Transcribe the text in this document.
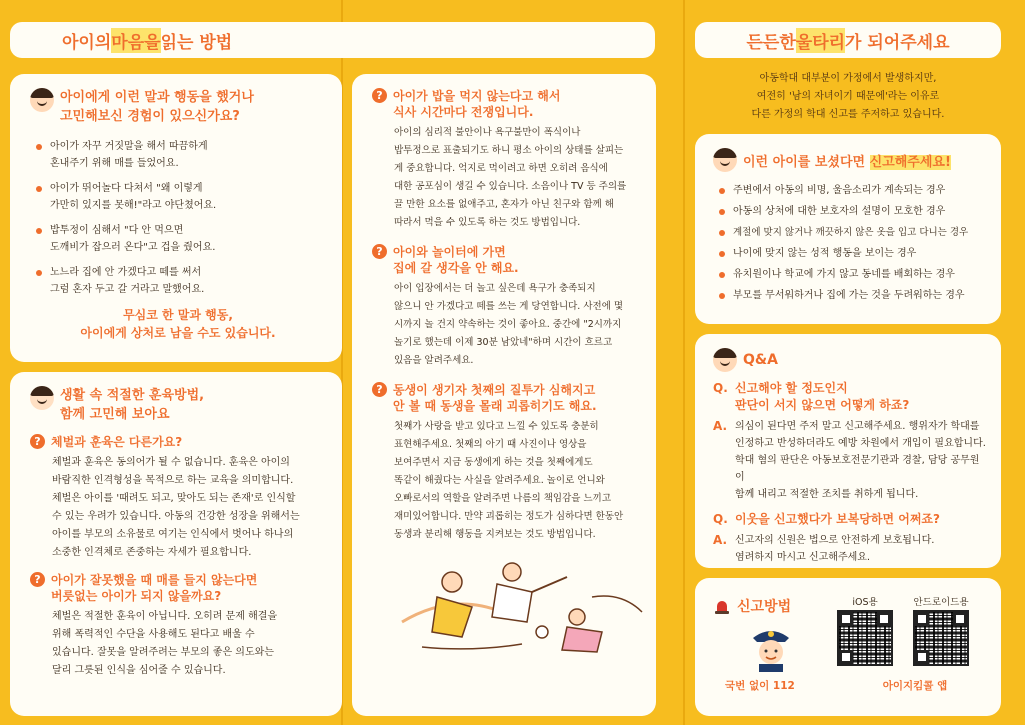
아이의 마음을 읽는 방법
아이에게 이런 말과 행동을 했거나
고민해보신 경험이 있으신가요?
아이가 자꾸 거짓말을 해서 따끔하게
혼내주기 위해 매를 들었어요.
아이가 뛰어놀다 다쳐서 "왜 이렇게
가만히 있지를 못해!"라고 야단쳤어요.
밥투정이 심해서 "다 안 먹으면
도깨비가 잡으러 온다"고 겁을 줬어요.
노느라 집에 안 가겠다고 떼를 써서
그럼 혼자 두고 갈 거라고 말했어요.
무심코 한 말과 행동,
아이에게 상처로 남을 수도 있습니다.
생활 속 적절한 훈육방법,
함께 고민해 보아요
? 체벌과 훈육은 다른가요?
체벌과 훈육은 동의어가 될 수 없습니다. 훈육은 아이의
바람직한 인격형성을 목적으로 하는 교육을 의미합니다.
체벌은 아이를 '때려도 되고, 맞아도 되는 존재'로 인식할
수 있는 우려가 있습니다. 아동의 건강한 성장을 위해서는
아이를 부모의 소유물로 여기는 인식에서 벗어나 하나의
소중한 인격체로 존중하는 자세가 필요합니다.
? 아이가 잘못했을 때 매를 들지 않는다면
버릇없는 아이가 되지 않을까요?
체벌은 적절한 훈육이 아닙니다. 오히려 문제 해결을
위해 폭력적인 수단을 사용해도 된다고 배울 수
있습니다. 잘못을 알려주려는 부모의 좋은 의도와는
달리 그릇된 인식을 심어줄 수 있습니다.
? 아이가 밥을 먹지 않는다고 해서
식사 시간마다 전쟁입니다.
아이의 심리적 불안이나 욕구불만이 폭식이나
밥투정으로 표출되기도 하니 평소 아이의 상태를 살피는
게 중요합니다. 억지로 먹이려고 하면 오히려 음식에
대한 공포심이 생길 수 있습니다. 소음이나 TV 등 주의를
끌 만한 요소를 없애주고, 혼자가 아닌 친구와 함께 해
따라서 먹을 수 있도록 하는 것도 방법입니다.
? 아이와 놀이터에 가면
집에 갈 생각을 안 해요.
아이 입장에서는 더 놀고 싶은데 욕구가 충족되지
않으니 안 가겠다고 떼를 쓰는 게 당연합니다. 사전에 몇
시까지 놀 건지 약속하는 것이 좋아요. 중간에 "2시까지
놀기로 했는데 이제 30분 남았네"하며 시간이 흐르고
있음을 알려주세요.
? 동생이 생기자 첫째의 질투가 심해지고
안 볼 때 동생을 몰래 괴롭히기도 해요.
첫째가 사랑을 받고 있다고 느낄 수 있도록 충분히
표현해주세요. 첫째의 아기 때 사진이나 영상을
보여주면서 지금 동생에게 하는 것을 첫째에게도
똑같이 해줬다는 사실을 알려주세요. 놀이로 언니와
오빠로서의 역할을 알려주면 나름의 책임감을 느끼고
재미있어합니다. 만약 괴롭히는 정도가 심하다면 한동안
동생과 분리해 행동을 지켜보는 것도 방법입니다.
든든한 울타리 가 되어주세요
아동학대 대부분이 가정에서 발생하지만,
여전히 '남의 자녀이기 때문에'라는 이유로
다른 가정의 학대 신고를 주저하고 있습니다.
이런 아이를 보셨다면 신고해주세요!
주변에서 아동의 비명, 울음소리가 계속되는 경우
아동의 상처에 대한 보호자의 설명이 모호한 경우
계절에 맞지 않거나 깨끗하지 않은 옷을 입고 다니는 경우
나이에 맞지 않는 성적 행동을 보이는 경우
유치원이나 학교에 가지 않고 동네를 배회하는 경우
부모를 무서워하거나 집에 가는 것을 두려워하는 경우
Q&A
Q. 신고해야 할 정도인지
판단이 서지 않으면 어떻게 하죠?
A. 의심이 된다면 주저 말고 신고해주세요. 행위자가 학대를
인정하고 반성하더라도 예방 차원에서 개입이 필요합니다.
학대 혐의 판단은 아동보호전문기관과 경찰, 담당 공무원이
함께 내리고 적절한 조치를 취하게 됩니다.
Q. 이웃을 신고했다가 보복당하면 어쩌죠?
A. 신고자의 신원은 법으로 안전하게 보호됩니다.
염려하지 마시고 신고해주세요.
신고방법
국번 없이 112
iOS용	안드로이드용
아이지킴콜 앱
